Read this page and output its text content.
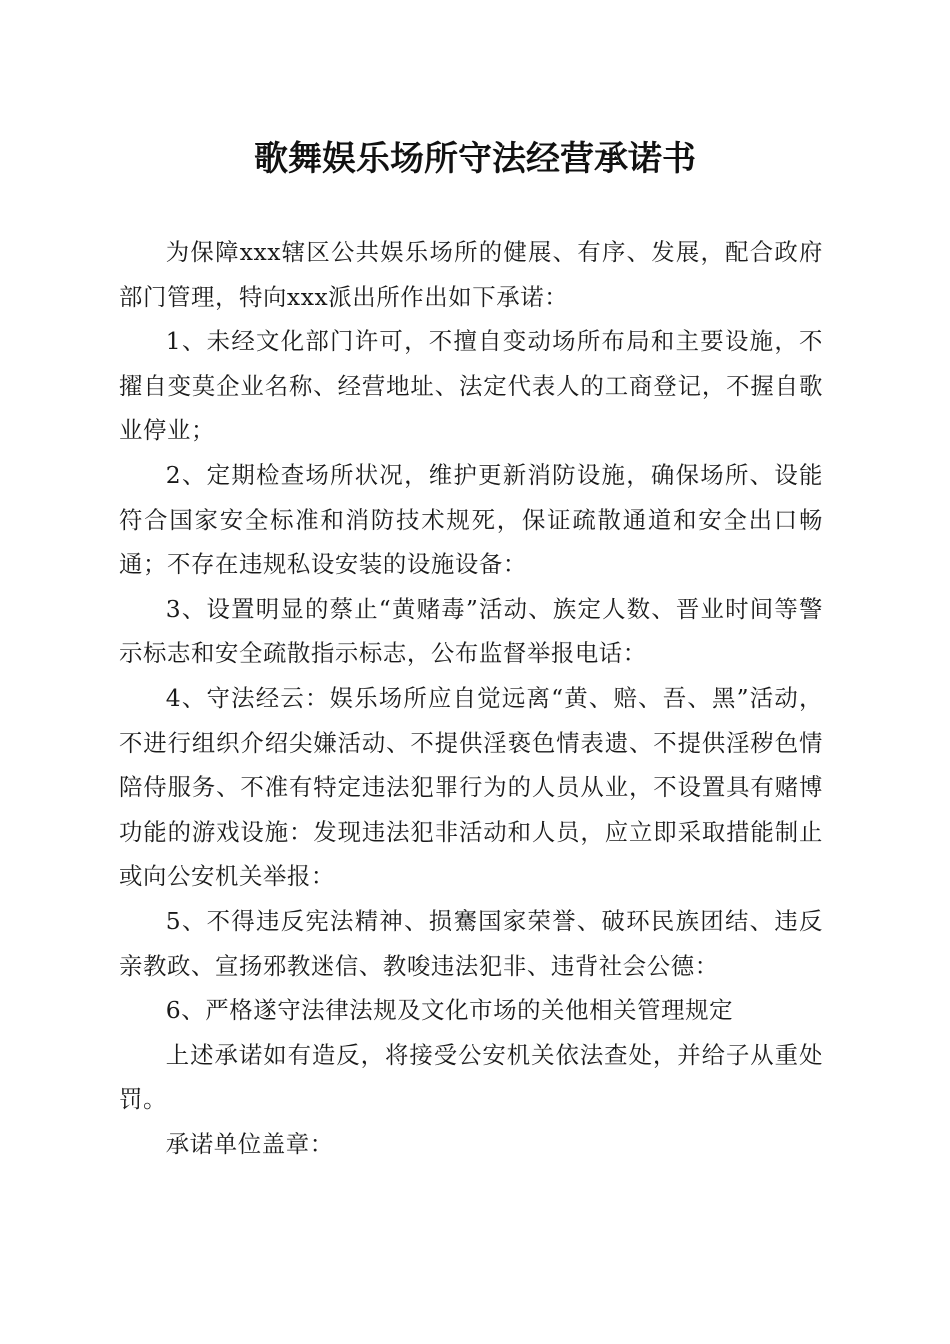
歌舞娱乐场所守法经营承诺书

为保障xxx辖区公共娱乐场所的健展、有序、发展，配合政府部门管理，特向xxx派出所作出如下承诺：

1、未经文化部门许可，不擅自变动场所布局和主要设施，不擢自变莫企业名称、经营地址、法定代表人的工商登记，不握自歌业停业；

2、定期检查场所状况，维护更新消防设施，确保场所、设能符合国家安全标准和消防技术规死，保证疏散通道和安全出口畅通；不存在违规私设安装的设施设备：

3、设置明显的蔡止“黄赌毒”活动、族定人数、晋业时间等警示标志和安全疏散指示标志，公布监督举报电话：

4、守法经云：娱乐场所应自觉远离“黄、赔、吾、黑”活动，不进行组织介绍尖嫌活动、不提供淫亵色情表遗、不提供淫秽色情陪侍服务、不准有特定违法犯罪行为的人员从业，不设置具有赌博功能的游戏设施：发现违法犯非活动和人员，应立即采取措能制止或向公安机关举报：

5、不得违反宪法精神、损騫国家荣誉、破环民族团结、违反亲教政、宣扬邪教迷信、教唆违法犯非、违背社会公德：

6、严格遂守法律法规及文化市场的关他相关管理规定

上述承诺如有造反，将接受公安机关依法查处，并给子从重处罚。

承诺单位盖章：
